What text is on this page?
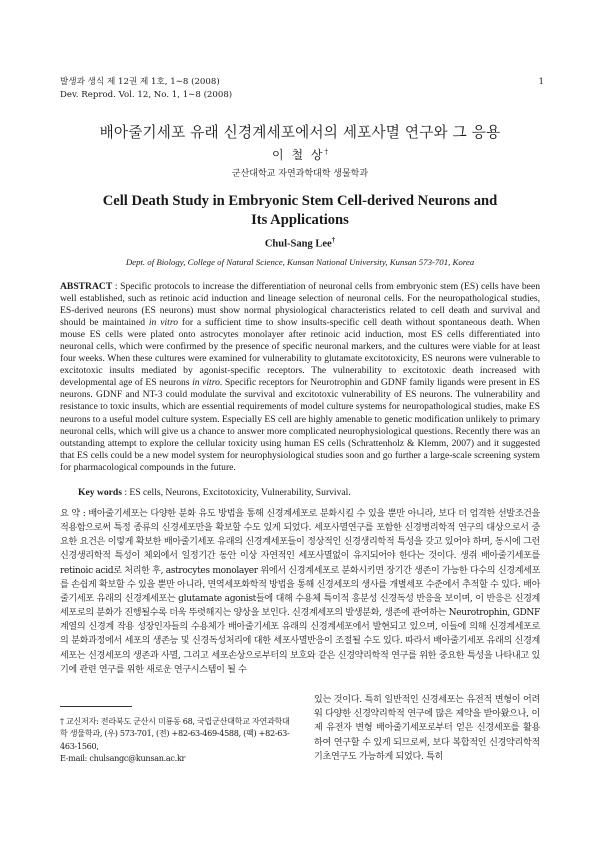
발생과 생식 제 12권 제 1호, 1∼8 (2008)
Dev. Reprod. Vol. 12, No. 1, 1∼8 (2008)
1
배아줄기세포 유래 신경계세포에서의 세포사멸 연구와 그 응용
이 철 상†
군산대학교 자연과학대학 생물학과
Cell Death Study in Embryonic Stem Cell-derived Neurons and
Its Applications
Chul-Sang Lee†
Dept. of Biology, College of Natural Science, Kunsan National University, Kunsan 573-701, Korea

ABSTRACT : Specific protocols to increase the differentiation of neuronal cells from embryonic stem (ES) cells have been well established, such as retinoic acid induction and lineage selection of neuronal cells. For the neuropathological studies, ES-derived neurons (ES neurons) must show normal physiological characteristics related to cell death and survival and should be maintained in vitro for a sufficient time to show insults-specific cell death without spontaneous death. When mouse ES cells were plated onto astrocytes monolayer after retinoic acid induction, most ES cells differentiated into neuronal cells, which were confirmed by the presence of specific neuronal markers, and the cultures were viable for at least four weeks. When these cultures were examined for vulnerability to glutamate excitotoxicity, ES neurons were vulnerable to excitotoxic insults mediated by agonist-specific receptors. The vulnerability to excitotoxic death increased with developmental age of ES neurons in vitro. Specific receptors for Neurotrophin and GDNF family ligands were present in ES neurons. GDNF and NT-3 could modulate the survival and excitotoxic vulnerability of ES neurons. The vulnerability and resistance to toxic insults, which are essential requirements of model culture systems for neuropathological studies, make ES neurons to a useful model culture system. Especially ES cell are highly amenable to genetic modification unlikely to primary neuronal cells, which will give us a chance to answer more complicated neurophysiological questions. Recently there was an outstanding attempt to explore the cellular toxicity using human ES cells (Schrattenholz & Klemm, 2007) and it suggested that ES cells could be a new model system for neurophysiological studies soon and go further a large-scale screening system for pharmacological compounds in the future.

Key words : ES cells, Neurons, Excitotoxicity, Vulnerability, Survival.

요 약 : 배아줄기세포는 다양한 분화 유도 방법을 통해 신경계세포로 분화시킬 수 있을 뿐만 아니라, 보다 더 엄격한 선발조건을 적용함으로써 특정 종류의 신경세포만을 확보할 수도 있게 되었다. 세포사멸연구를 포함한 신경병리학적 연구의 대상으로서 중요한 요건은 이렇게 확보한 배아줄기세포 유래의 신경계세포들이 정상적인 신경생리학적 특성을 갖고 있어야 하며, 동시에 그런 신경생리학적 특성이 체외에서 일정기간 동안 이상 자연적인 세포사멸없이 유지되어야 한다는 것이다. 생쥐 배아줄기세포를 retinoic acid로 처리한 후, astrocytes monolayer 위에서 신경계세포로 분화시키면 장기간 생존이 가능한 다수의 신경계세포를 손쉽게 확보할 수 있을 뿐만 아니라, 면역세포화학적 방법을 통해 신경세포의 생사를 개별세포 수준에서 추적할 수 있다. 배아줄기세포 유래의 신경계세포는 glutamate agonist들에 대해 수용체 특이적 흥분성 신경독성 반응을 보이며, 이 반응은 신경계세포로의 분화가 진행될수록 더욱 뚜렷해지는 양상을 보인다. 신경계세포의 발생분화, 생존에 관여하는 Neurotrophin, GDNF 계열의 신경계 작용 성장인자들의 수용체가 배아줄기세포 유래의 신경계세포에서 발현되고 있으며, 이들에 의해 신경계세포로의 분화과정에서 세포의 생존능 및 신경독성처리에 대한 세포사멸반응이 조절될 수도 있다. 따라서 배아줄기세포 유래의 신경계세포는 신경세포의 생존과 사멸, 그리고 세포손상으로부터의 보호와 같은 신경약리학적 연구를 위한 중요한 특성을 나타내고 있기에 관련 연구를 위한 새로운 연구시스템이 될 수

있는 것이다. 특히 일반적인 신경세포는 유전적 변형이 어려워 다양한 신경약리학적 연구에 많은 제약을 받아왔으나, 이제 유전자 변형 배아줄기세포로부터 얻은 신경세포를 활용하여 연구할 수 있게 되므로써, 보다 복합적인 신경약리학적 기초연구도 가능하게 되었다. 특히

† 교신저자: 전라북도 군산시 미룡동 68, 국립군산대학교 자연과학대

학 생물학과, (우) 573-701, (전) +82-63-469-4588, (팩) +82-63-463-1560,

E-mail: chulsangc@kunsan.ac.kr
